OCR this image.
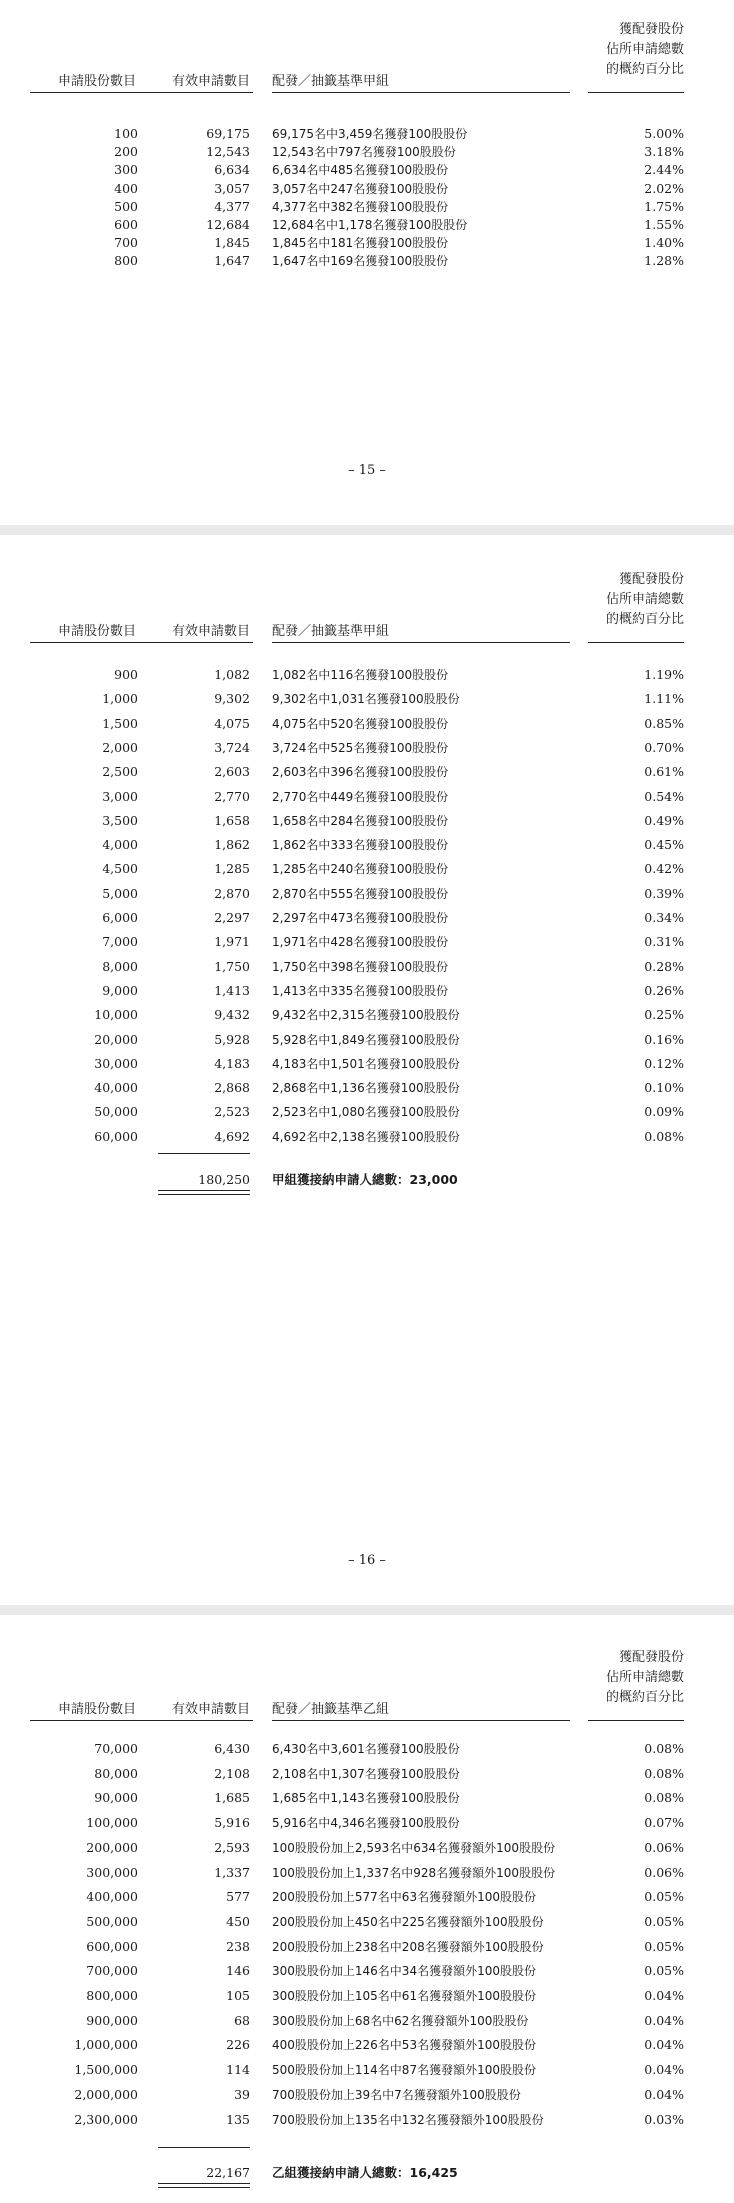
獲配發股份
佔所申請總數
的概約百分比
申請股份數目	有效申請數目 配發／抽籤基準甲組
100	69,175 69,175名中3,459名獲發100股股份	5.00%
200	12,543 12,543名中797名獲發100股股份	3.18%
300	6,634 6,634名中485名獲發100股股份	2.44%
400	3,057 3,057名中247名獲發100股股份	2.02%
500	4,377 4,377名中382名獲發100股股份	1.75%
600	12,684 12,684名中1,178名獲發100股股份	1.55%
700	1,845 1,845名中181名獲發100股股份	1.40%
800	1,647 1,647名中169名獲發100股股份	1.28%
– 15 –
獲配發股份
佔所申請總數
的概約百分比
申請股份數目	有效申請數目 配發／抽籤基準甲組
900	1,082 1,082名中116名獲發100股股份	1.19%
1,000	9,302 9,302名中1,031名獲發100股股份	1.11%
1,500	4,075 4,075名中520名獲發100股股份	0.85%
2,000	3,724 3,724名中525名獲發100股股份	0.70%
2,500	2,603 2,603名中396名獲發100股股份	0.61%
3,000	2,770 2,770名中449名獲發100股股份	0.54%
3,500	1,658 1,658名中284名獲發100股股份	0.49%
4,000	1,862 1,862名中333名獲發100股股份	0.45%
4,500	1,285 1,285名中240名獲發100股股份	0.42%
5,000	2,870 2,870名中555名獲發100股股份	0.39%
6,000	2,297 2,297名中473名獲發100股股份	0.34%
7,000	1,971 1,971名中428名獲發100股股份	0.31%
8,000	1,750 1,750名中398名獲發100股股份	0.28%
9,000	1,413 1,413名中335名獲發100股股份	0.26%
10,000	9,432 9,432名中2,315名獲發100股股份	0.25%
20,000	5,928 5,928名中1,849名獲發100股股份	0.16%
30,000	4,183 4,183名中1,501名獲發100股股份	0.12%
40,000	2,868 2,868名中1,136名獲發100股股份	0.10%
50,000	2,523 2,523名中1,080名獲發100股股份	0.09%
60,000	4,692 4,692名中2,138名獲發100股股份	0.08%
180,250 甲組獲接納申請人總數：23,000
– 16 –
獲配發股份
佔所申請總數
的概約百分比
申請股份數目	有效申請數目 配發／抽籤基準乙組
70,000	6,430 6,430名中3,601名獲發100股股份	0.08%
80,000	2,108 2,108名中1,307名獲發100股股份	0.08%
90,000	1,685 1,685名中1,143名獲發100股股份	0.08%
100,000	5,916 5,916名中4,346名獲發100股股份	0.07%
200,000	2,593 100股股份加上2,593名中634名獲發額外100股股份	0.06%
300,000	1,337 100股股份加上1,337名中928名獲發額外100股股份	0.06%
400,000	577 200股股份加上577名中63名獲發額外100股股份	0.05%
500,000	450 200股股份加上450名中225名獲發額外100股股份	0.05%
600,000	238 200股股份加上238名中208名獲發額外100股股份	0.05%
700,000	146 300股股份加上146名中34名獲發額外100股股份	0.05%
800,000	105 300股股份加上105名中61名獲發額外100股股份	0.04%
900,000	68 300股股份加上68名中62名獲發額外100股股份	0.04%
1,000,000	226 400股股份加上226名中53名獲發額外100股股份	0.04%
1,500,000	114 500股股份加上114名中87名獲發額外100股股份	0.04%
2,000,000	39 700股股份加上39名中7名獲發額外100股股份	0.04%
2,300,000	135 700股股份加上135名中132名獲發額外100股股份	0.03%
22,167 乙組獲接納申請人總數：16,425
